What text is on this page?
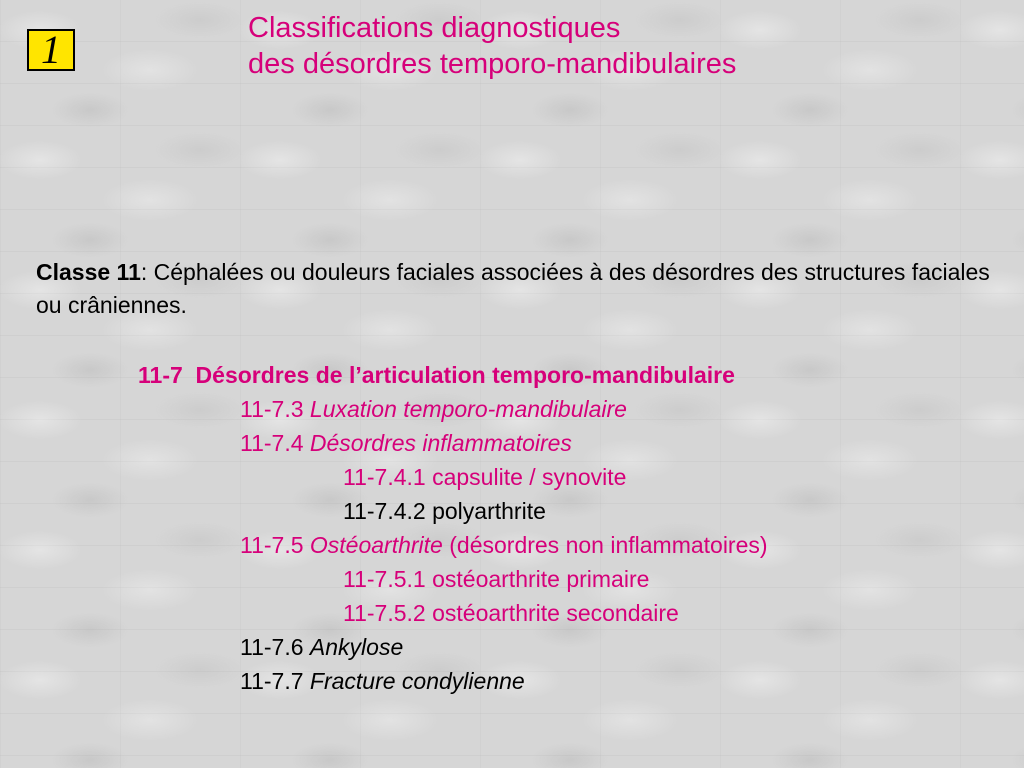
1	Classifications diagnostiques
des désordres temporo-mandibulaires
Classe 11: Céphalées ou douleurs faciales associées à des désordres des structures faciales ou crâniennes.
11-7 Désordres de l’articulation temporo-mandibulaire
11-7.3 Luxation temporo-mandibulaire
11-7.4 Désordres inflammatoires
11-7.4.1 capsulite / synovite
11-7.4.2 polyarthrite
11-7.5 Ostéoarthrite (désordres non inflammatoires)
11-7.5.1 ostéoarthrite primaire
11-7.5.2 ostéoarthrite secondaire
11-7.6 Ankylose
11-7.7 Fracture condylienne
